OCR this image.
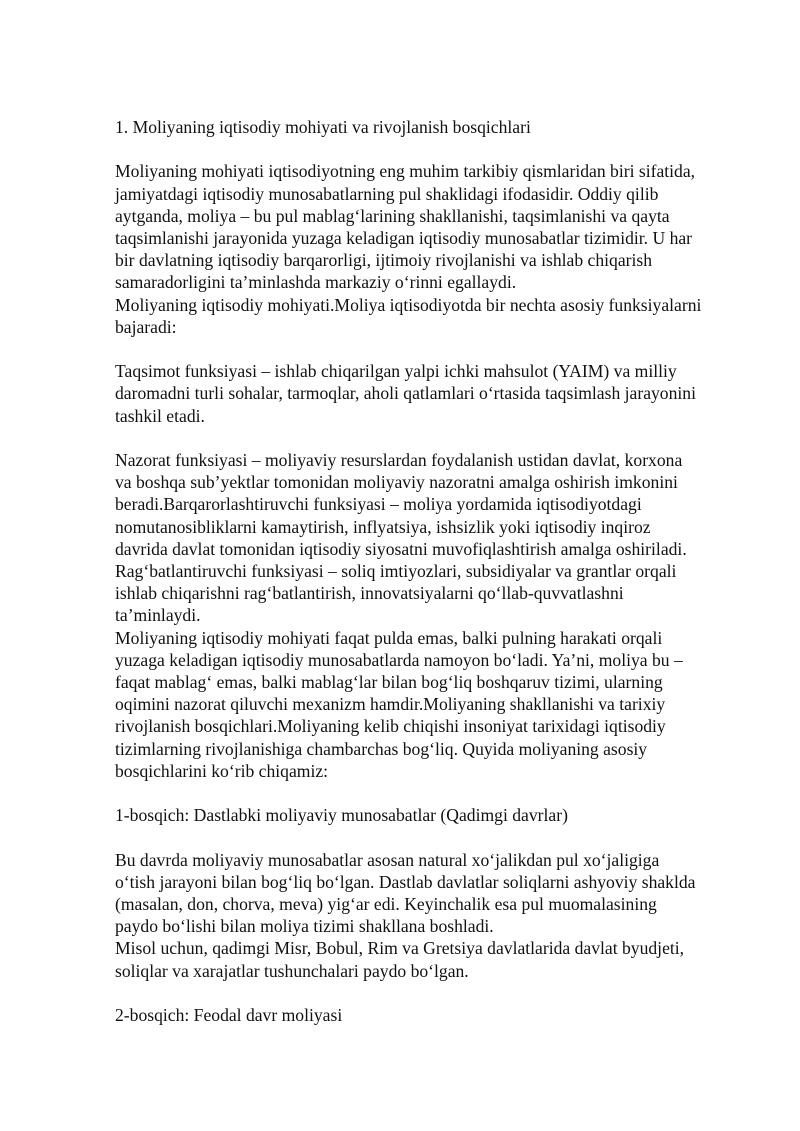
1. Moliyaning iqtisodiy mohiyati va rivojlanish bosqichlari

Moliyaning mohiyati iqtisodiyotning eng muhim tarkibiy qismlaridan biri sifatida,

jamiyatdagi iqtisodiy munosabatlarning pul shaklidagi ifodasidir. Oddiy qilib

aytganda, moliya – bu pul mablag‘larining shakllanishi, taqsimlanishi va qayta

taqsimlanishi jarayonida yuzaga keladigan iqtisodiy munosabatlar tizimidir. U har

bir davlatning iqtisodiy barqarorligi, ijtimoiy rivojlanishi va ishlab chiqarish

samaradorligini ta’minlashda markaziy o‘rinni egallaydi.

Moliyaning iqtisodiy mohiyati.Moliya iqtisodiyotda bir nechta asosiy funksiyalarni

bajaradi:

Taqsimot funksiyasi – ishlab chiqarilgan yalpi ichki mahsulot (YAIM) va milliy

daromadni turli sohalar, tarmoqlar, aholi qatlamlari o‘rtasida taqsimlash jarayonini

tashkil etadi.

Nazorat funksiyasi – moliyaviy resurslardan foydalanish ustidan davlat, korxona

va boshqa sub’yektlar tomonidan moliyaviy nazoratni amalga oshirish imkonini

beradi.Barqarorlashtiruvchi funksiyasi – moliya yordamida iqtisodiyotdagi

nomutanosibliklarni kamaytirish, inflyatsiya, ishsizlik yoki iqtisodiy inqiroz

davrida davlat tomonidan iqtisodiy siyosatni muvofiqlashtirish amalga oshiriladi.

Rag‘batlantiruvchi funksiyasi – soliq imtiyozlari, subsidiyalar va grantlar orqali

ishlab chiqarishni rag‘batlantirish, innovatsiyalarni qo‘llab-quvvatlashni

ta’minlaydi.

Moliyaning iqtisodiy mohiyati faqat pulda emas, balki pulning harakati orqali

yuzaga keladigan iqtisodiy munosabatlarda namoyon bo‘ladi. Ya’ni, moliya bu –

faqat mablag‘ emas, balki mablag‘lar bilan bog‘liq boshqaruv tizimi, ularning

oqimini nazorat qiluvchi mexanizm hamdir.Moliyaning shakllanishi va tarixiy

rivojlanish bosqichlari.Moliyaning kelib chiqishi insoniyat tarixidagi iqtisodiy

tizimlarning rivojlanishiga chambarchas bog‘liq. Quyida moliyaning asosiy

bosqichlarini ko‘rib chiqamiz:

1-bosqich: Dastlabki moliyaviy munosabatlar (Qadimgi davrlar)

Bu davrda moliyaviy munosabatlar asosan natural xo‘jalikdan pul xo‘jaligiga

o‘tish jarayoni bilan bog‘liq bo‘lgan. Dastlab davlatlar soliqlarni ashyoviy shaklda

(masalan, don, chorva, meva) yig‘ar edi. Keyinchalik esa pul muomalasining

paydo bo‘lishi bilan moliya tizimi shakllana boshladi.

Misol uchun, qadimgi Misr, Bobul, Rim va Gretsiya davlatlarida davlat byudjeti,

soliqlar va xarajatlar tushunchalari paydo bo‘lgan.

2-bosqich: Feodal davr moliyasi
